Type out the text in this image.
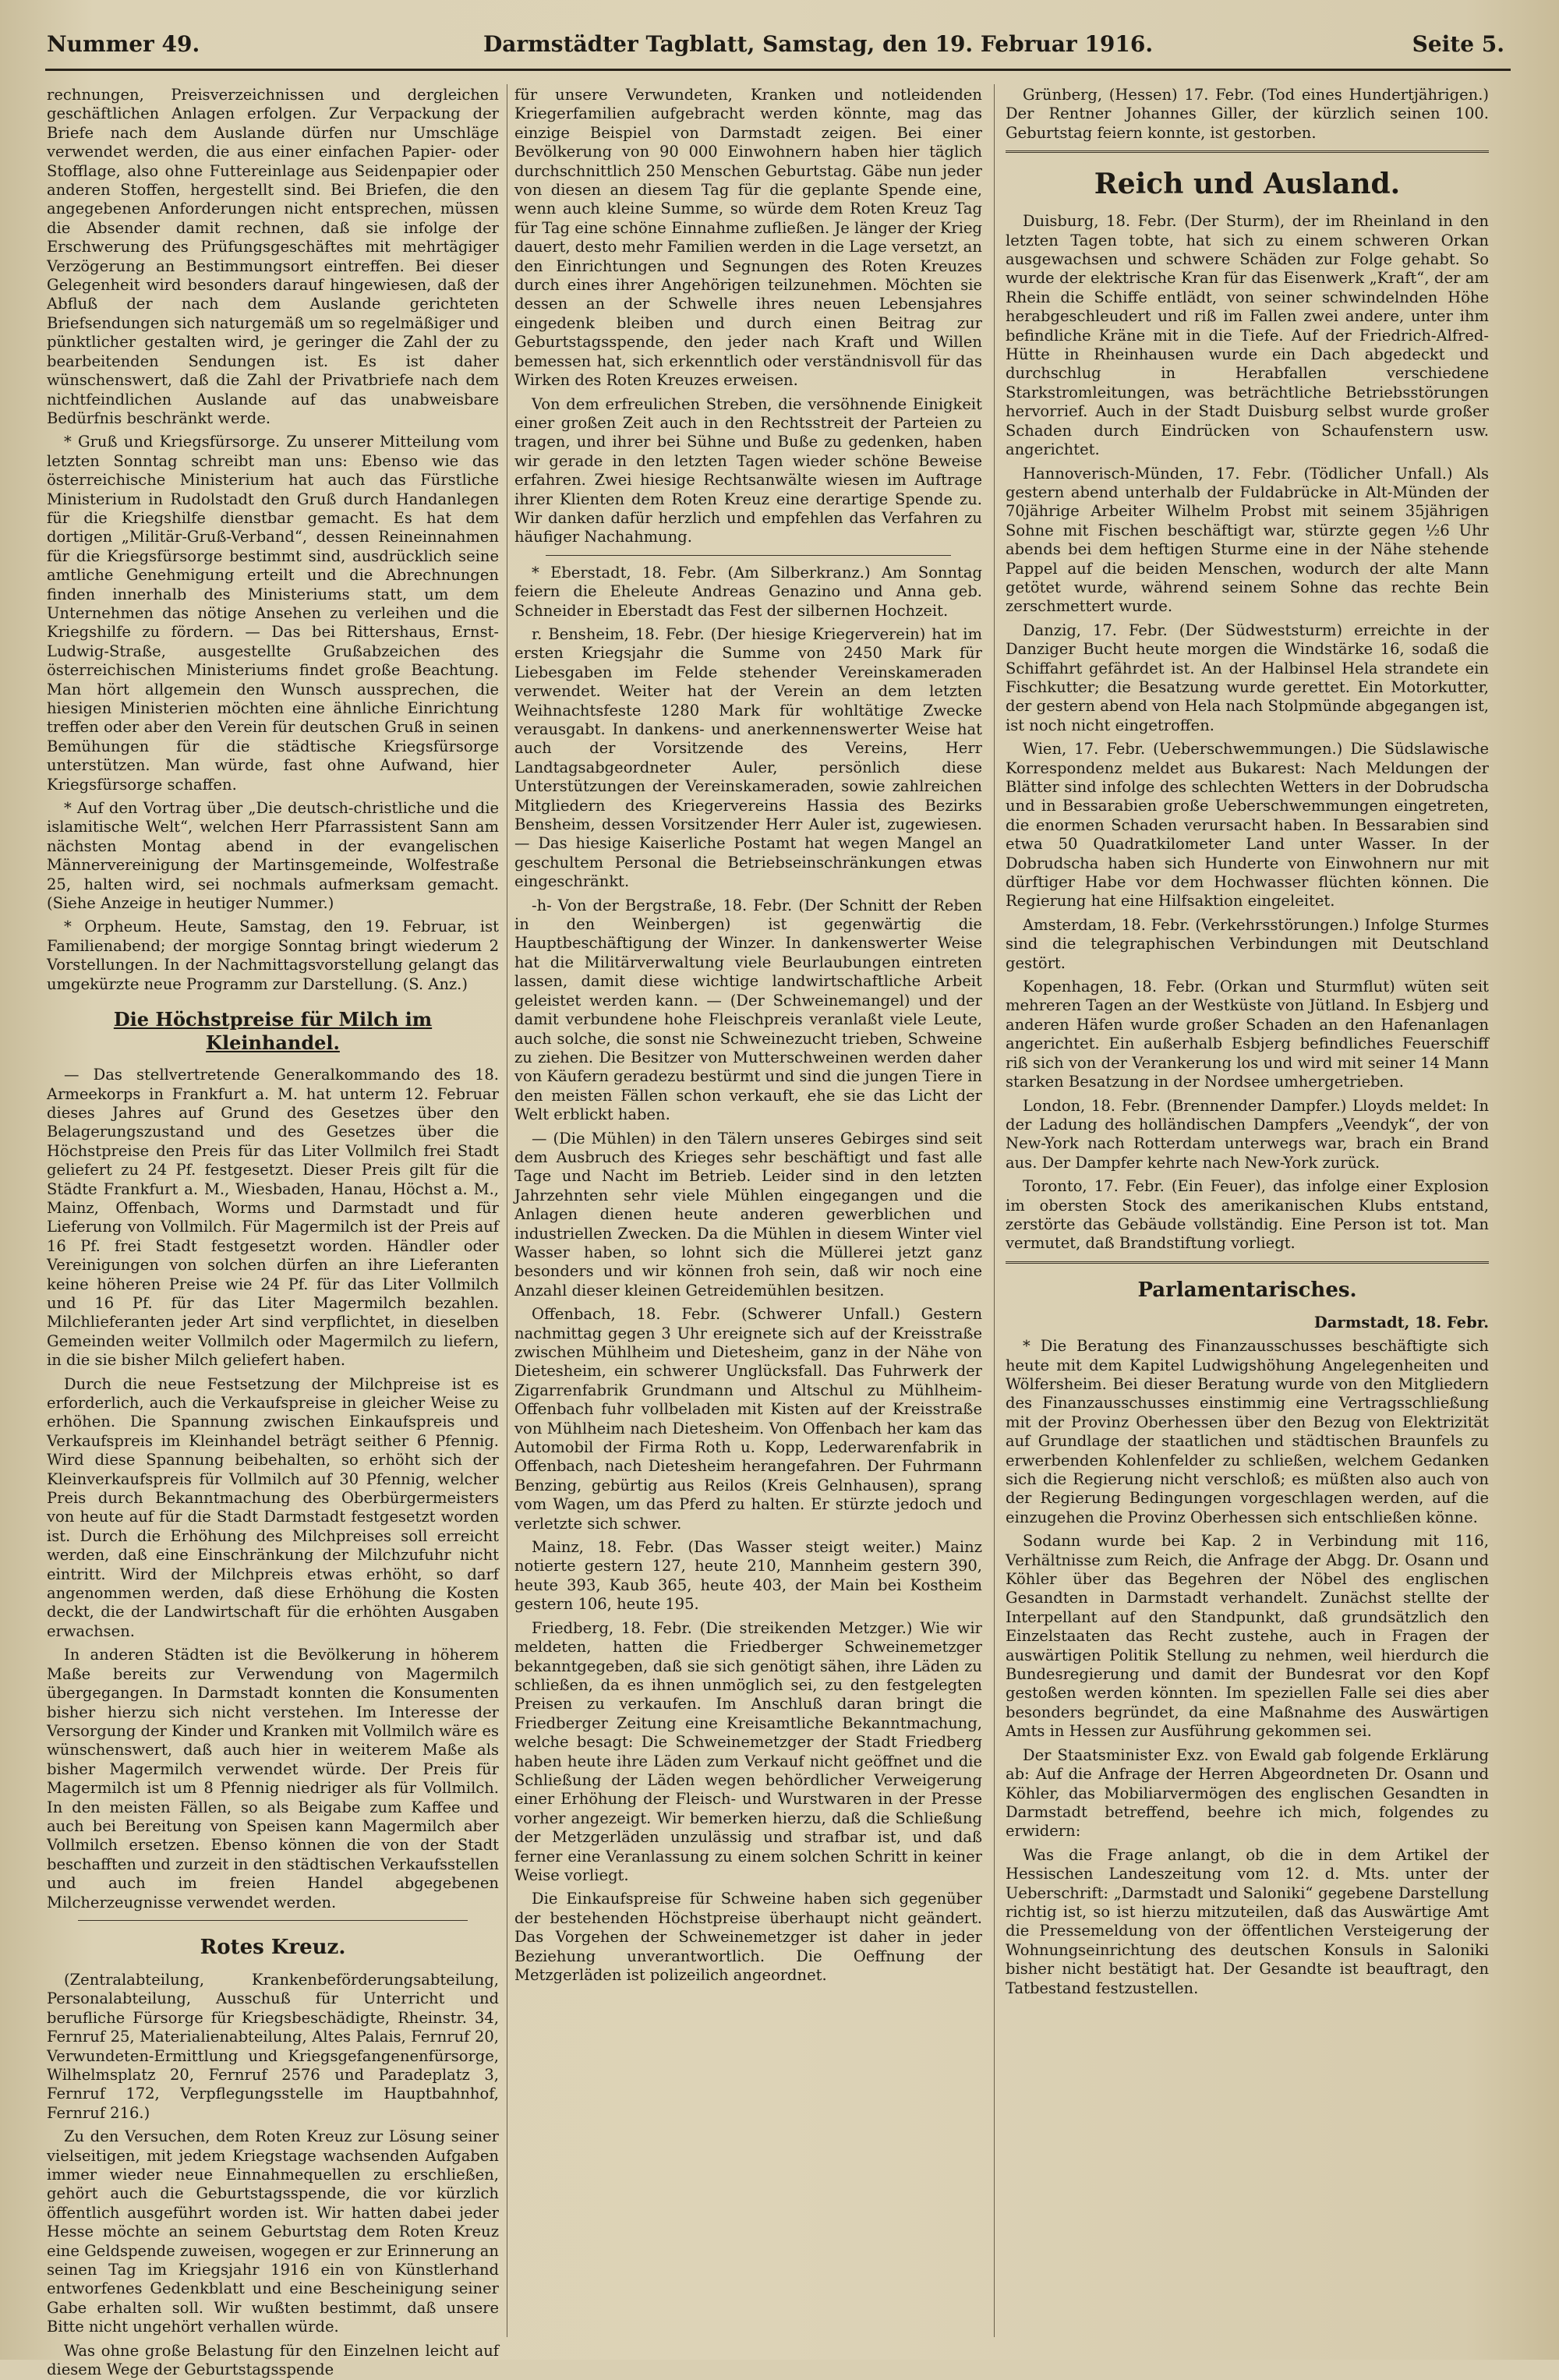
Nummer 49.	Darmstädter Tagblatt, Samstag, den 19. Februar 1916.	Seite 5.

rechnungen, Preisverzeichnissen und dergleichen geschäftlichen Anlagen erfolgen. Zur Verpackung der Briefe nach dem Auslande dürfen nur Umschläge verwendet werden, die aus einer einfachen Papier- oder Stofflage, also ohne Futtereinlage aus Seidenpapier oder anderen Stoffen, hergestellt sind. Bei Briefen, die den angegebenen Anforderungen nicht entsprechen, müssen die Absender damit rechnen, daß sie infolge der Erschwerung des Prüfungsgeschäftes mit mehrtägiger Verzögerung an Bestimmungsort eintreffen. Bei dieser Gelegenheit wird besonders darauf hingewiesen, daß der Abfluß der nach dem Auslande gerichteten Briefsendungen sich naturgemäß um so regelmäßiger und pünktlicher gestalten wird, je geringer die Zahl der zu bearbeitenden Sendungen ist. Es ist daher wünschenswert, daß die Zahl der Privatbriefe nach dem nichtfeindlichen Auslande auf das unabweisbare Bedürfnis beschränkt werde.

* Gruß und Kriegsfürsorge. Zu unserer Mitteilung vom letzten Sonntag schreibt man uns: Ebenso wie das österreichische Ministerium hat auch das Fürstliche Ministerium in Rudolstadt den Gruß durch Handanlegen für die Kriegshilfe dienstbar gemacht. Es hat dem dortigen „Militär-Gruß-Verband“, dessen Reineinnahmen für die Kriegsfürsorge bestimmt sind, ausdrücklich seine amtliche Genehmigung erteilt und die Abrechnungen finden innerhalb des Ministeriums statt, um dem Unternehmen das nötige Ansehen zu verleihen und die Kriegshilfe zu fördern. — Das bei Rittershaus, Ernst-Ludwig-Straße, ausgestellte Grußabzeichen des österreichischen Ministeriums findet große Beachtung. Man hört allgemein den Wunsch aussprechen, die hiesigen Ministerien möchten eine ähnliche Einrichtung treffen oder aber den Verein für deutschen Gruß in seinen Bemühungen für die städtische Kriegsfürsorge unterstützen. Man würde, fast ohne Aufwand, hier Kriegsfürsorge schaffen.

* Auf den Vortrag über „Die deutsch-christliche und die islamitische Welt“, welchen Herr Pfarrassistent Sann am nächsten Montag abend in der evangelischen Männervereinigung der Martinsgemeinde, Wolfestraße 25, halten wird, sei nochmals aufmerksam gemacht. (Siehe Anzeige in heutiger Nummer.)

* Orpheum. Heute, Samstag, den 19. Februar, ist Familienabend; der morgige Sonntag bringt wiederum 2 Vorstellungen. In der Nachmittagsvorstellung gelangt das umgekürzte neue Programm zur Darstellung. (S. Anz.)

Die Höchstpreise für Milch im Kleinhandel.

— Das stellvertretende Generalkommando des 18. Armeekorps in Frankfurt a. M. hat unterm 12. Februar dieses Jahres auf Grund des Gesetzes über den Belagerungszustand und des Gesetzes über die Höchstpreise den Preis für das Liter Vollmilch frei Stadt geliefert zu 24 Pf. festgesetzt. Dieser Preis gilt für die Städte Frankfurt a. M., Wiesbaden, Hanau, Höchst a. M., Mainz, Offenbach, Worms und Darmstadt und für Lieferung von Vollmilch. Für Magermilch ist der Preis auf 16 Pf. frei Stadt festgesetzt worden. Händler oder Vereinigungen von solchen dürfen an ihre Lieferanten keine höheren Preise wie 24 Pf. für das Liter Vollmilch und 16 Pf. für das Liter Magermilch bezahlen. Milchlieferanten jeder Art sind verpflichtet, in dieselben Gemeinden weiter Vollmilch oder Magermilch zu liefern, in die sie bisher Milch geliefert haben.

Durch die neue Festsetzung der Milchpreise ist es erforderlich, auch die Verkaufspreise in gleicher Weise zu erhöhen. Die Spannung zwischen Einkaufspreis und Verkaufspreis im Kleinhandel beträgt seither 6 Pfennig. Wird diese Spannung beibehalten, so erhöht sich der Kleinverkaufspreis für Vollmilch auf 30 Pfennig, welcher Preis durch Bekanntmachung des Oberbürgermeisters von heute auf für die Stadt Darmstadt festgesetzt worden ist. Durch die Erhöhung des Milchpreises soll erreicht werden, daß eine Einschränkung der Milchzufuhr nicht eintritt. Wird der Milchpreis etwas erhöht, so darf angenommen werden, daß diese Erhöhung die Kosten deckt, die der Landwirtschaft für die erhöhten Ausgaben erwachsen.

In anderen Städten ist die Bevölkerung in höherem Maße bereits zur Verwendung von Magermilch übergegangen. In Darmstadt konnten die Konsumenten bisher hierzu sich nicht verstehen. Im Interesse der Versorgung der Kinder und Kranken mit Vollmilch wäre es wünschenswert, daß auch hier in weiterem Maße als bisher Magermilch verwendet würde. Der Preis für Magermilch ist um 8 Pfennig niedriger als für Vollmilch. In den meisten Fällen, so als Beigabe zum Kaffee und auch bei Bereitung von Speisen kann Magermilch aber Vollmilch ersetzen. Ebenso können die von der Stadt beschafften und zurzeit in den städtischen Verkaufsstellen und auch im freien Handel abgegebenen Milcherzeugnisse verwendet werden.

Rotes Kreuz.

(Zentralabteilung, Krankenbeförderungsabteilung, Personalabteilung, Ausschuß für Unterricht und berufliche Fürsorge für Kriegsbeschädigte, Rheinstr. 34, Fernruf 25, Materialienabteilung, Altes Palais, Fernruf 20, Verwundeten-Ermittlung und Kriegsgefangenenfürsorge, Wilhelmsplatz 20, Fernruf 2576 und Paradeplatz 3, Fernruf 172, Verpflegungsstelle im Hauptbahnhof, Fernruf 216.)

Zu den Versuchen, dem Roten Kreuz zur Lösung seiner vielseitigen, mit jedem Kriegstage wachsenden Aufgaben immer wieder neue Einnahmequellen zu erschließen, gehört auch die Geburtstagsspende, die vor kürzlich öffentlich ausgeführt worden ist. Wir hatten dabei jeder Hesse möchte an seinem Geburtstag dem Roten Kreuz eine Geldspende zuweisen, wogegen er zur Erinnerung an seinen Tag im Kriegsjahr 1916 ein von Künstlerhand entworfenes Gedenkblatt und eine Bescheinigung seiner Gabe erhalten soll. Wir wußten bestimmt, daß unsere Bitte nicht ungehört verhallen würde.

Was ohne große Belastung für den Einzelnen leicht auf diesem Wege der Geburtstagsspende

für unsere Verwundeten, Kranken und notleidenden Kriegerfamilien aufgebracht werden könnte, mag das einzige Beispiel von Darmstadt zeigen. Bei einer Bevölkerung von 90 000 Einwohnern haben hier täglich durchschnittlich 250 Menschen Geburtstag. Gäbe nun jeder von diesen an diesem Tag für die geplante Spende eine, wenn auch kleine Summe, so würde dem Roten Kreuz Tag für Tag eine schöne Einnahme zufließen. Je länger der Krieg dauert, desto mehr Familien werden in die Lage versetzt, an den Einrichtungen und Segnungen des Roten Kreuzes durch eines ihrer Angehörigen teilzunehmen. Möchten sie dessen an der Schwelle ihres neuen Lebensjahres eingedenk bleiben und durch einen Beitrag zur Geburtstagsspende, den jeder nach Kraft und Willen bemessen hat, sich erkenntlich oder verständnisvoll für das Wirken des Roten Kreuzes erweisen.

Von dem erfreulichen Streben, die versöhnende Einigkeit einer großen Zeit auch in den Rechtsstreit der Parteien zu tragen, und ihrer bei Sühne und Buße zu gedenken, haben wir gerade in den letzten Tagen wieder schöne Beweise erfahren. Zwei hiesige Rechtsanwälte wiesen im Auftrage ihrer Klienten dem Roten Kreuz eine derartige Spende zu. Wir danken dafür herzlich und empfehlen das Verfahren zu häufiger Nachahmung.

* Eberstadt, 18. Febr. (Am Silberkranz.) Am Sonntag feiern die Eheleute Andreas Genazino und Anna geb. Schneider in Eberstadt das Fest der silbernen Hochzeit.

r. Bensheim, 18. Febr. (Der hiesige Kriegerverein) hat im ersten Kriegsjahr die Summe von 2450 Mark für Liebesgaben im Felde stehender Vereinskameraden verwendet. Weiter hat der Verein an dem letzten Weihnachtsfeste 1280 Mark für wohltätige Zwecke verausgabt. In dankens- und anerkennenswerter Weise hat auch der Vorsitzende des Vereins, Herr Landtagsabgeordneter Auler, persönlich diese Unterstützungen der Vereinskameraden, sowie zahlreichen Mitgliedern des Kriegervereins Hassia des Bezirks Bensheim, dessen Vorsitzender Herr Auler ist, zugewiesen. — Das hiesige Kaiserliche Postamt hat wegen Mangel an geschultem Personal die Betriebseinschränkungen etwas eingeschränkt.

-h- Von der Bergstraße, 18. Febr. (Der Schnitt der Reben in den Weinbergen) ist gegenwärtig die Hauptbeschäftigung der Winzer. In dankenswerter Weise hat die Militärverwaltung viele Beurlaubungen eintreten lassen, damit diese wichtige landwirtschaftliche Arbeit geleistet werden kann. — (Der Schweinemangel) und der damit verbundene hohe Fleischpreis veranlaßt viele Leute, auch solche, die sonst nie Schweinezucht trieben, Schweine zu ziehen. Die Besitzer von Mutterschweinen werden daher von Käufern geradezu bestürmt und sind die jungen Tiere in den meisten Fällen schon verkauft, ehe sie das Licht der Welt erblickt haben.

— (Die Mühlen) in den Tälern unseres Gebirges sind seit dem Ausbruch des Krieges sehr beschäftigt und fast alle Tage und Nacht im Betrieb. Leider sind in den letzten Jahrzehnten sehr viele Mühlen eingegangen und die Anlagen dienen heute anderen gewerblichen und industriellen Zwecken. Da die Mühlen in diesem Winter viel Wasser haben, so lohnt sich die Müllerei jetzt ganz besonders und wir können froh sein, daß wir noch eine Anzahl dieser kleinen Getreidemühlen besitzen.

Offenbach, 18. Febr. (Schwerer Unfall.) Gestern nachmittag gegen 3 Uhr ereignete sich auf der Kreisstraße zwischen Mühlheim und Dietesheim, ganz in der Nähe von Dietesheim, ein schwerer Unglücksfall. Das Fuhrwerk der Zigarrenfabrik Grundmann und Altschul zu Mühlheim-Offenbach fuhr vollbeladen mit Kisten auf der Kreisstraße von Mühlheim nach Dietesheim. Von Offenbach her kam das Automobil der Firma Roth u. Kopp, Lederwarenfabrik in Offenbach, nach Dietesheim herangefahren. Der Fuhrmann Benzing, gebürtig aus Reilos (Kreis Gelnhausen), sprang vom Wagen, um das Pferd zu halten. Er stürzte jedoch und verletzte sich schwer.

Mainz, 18. Febr. (Das Wasser steigt weiter.) Mainz notierte gestern 127, heute 210, Mannheim gestern 390, heute 393, Kaub 365, heute 403, der Main bei Kostheim gestern 106, heute 195.

Friedberg, 18. Febr. (Die streikenden Metzger.) Wie wir meldeten, hatten die Friedberger Schweinemetzger bekanntgegeben, daß sie sich genötigt sähen, ihre Läden zu schließen, da es ihnen unmöglich sei, zu den festgelegten Preisen zu verkaufen. Im Anschluß daran bringt die Friedberger Zeitung eine Kreisamtliche Bekanntmachung, welche besagt: Die Schweinemetzger der Stadt Friedberg haben heute ihre Läden zum Verkauf nicht geöffnet und die Schließung der Läden wegen behördlicher Verweigerung einer Erhöhung der Fleisch- und Wurstwaren in der Presse vorher angezeigt. Wir bemerken hierzu, daß die Schließung der Metzgerläden unzulässig und strafbar ist, und daß ferner eine Veranlassung zu einem solchen Schritt in keiner Weise vorliegt.

Die Einkaufspreise für Schweine haben sich gegenüber der bestehenden Höchstpreise überhaupt nicht geändert. Das Vorgehen der Schweinemetzger ist daher in jeder Beziehung unverantwortlich. Die Oeffnung der Metzgerläden ist polizeilich angeordnet.

Grünberg, (Hessen) 17. Febr. (Tod eines Hundertjährigen.) Der Rentner Johannes Giller, der kürzlich seinen 100. Geburtstag feiern konnte, ist gestorben.

Reich und Ausland.

Duisburg, 18. Febr. (Der Sturm), der im Rheinland in den letzten Tagen tobte, hat sich zu einem schweren Orkan ausgewachsen und schwere Schäden zur Folge gehabt. So wurde der elektrische Kran für das Eisenwerk „Kraft“, der am Rhein die Schiffe entlädt, von seiner schwindelnden Höhe herabgeschleudert und riß im Fallen zwei andere, unter ihm befindliche Kräne mit in die Tiefe. Auf der Friedrich-Alfred-Hütte in Rheinhausen wurde ein Dach abgedeckt und durchschlug in Herabfallen verschiedene Starkstromleitungen, was beträchtliche Betriebsstörungen hervorrief. Auch in der Stadt Duisburg selbst wurde großer Schaden durch Eindrücken von Schaufenstern usw. angerichtet.

Hannoverisch-Münden, 17. Febr. (Tödlicher Unfall.) Als gestern abend unterhalb der Fuldabrücke in Alt-Münden der 70jährige Arbeiter Wilhelm Probst mit seinem 35jährigen Sohne mit Fischen beschäftigt war, stürzte gegen ½6 Uhr abends bei dem heftigen Sturme eine in der Nähe stehende Pappel auf die beiden Menschen, wodurch der alte Mann getötet wurde, während seinem Sohne das rechte Bein zerschmettert wurde.

Danzig, 17. Febr. (Der Südweststurm) erreichte in der Danziger Bucht heute morgen die Windstärke 16, sodaß die Schiffahrt gefährdet ist. An der Halbinsel Hela strandete ein Fischkutter; die Besatzung wurde gerettet. Ein Motorkutter, der gestern abend von Hela nach Stolpmünde abgegangen ist, ist noch nicht eingetroffen.

Wien, 17. Febr. (Ueberschwemmungen.) Die Südslawische Korrespondenz meldet aus Bukarest: Nach Meldungen der Blätter sind infolge des schlechten Wetters in der Dobrudscha und in Bessarabien große Ueberschwemmungen eingetreten, die enormen Schaden verursacht haben. In Bessarabien sind etwa 50 Quadratkilometer Land unter Wasser. In der Dobrudscha haben sich Hunderte von Einwohnern nur mit dürftiger Habe vor dem Hochwasser flüchten können. Die Regierung hat eine Hilfsaktion eingeleitet.

Amsterdam, 18. Febr. (Verkehrsstörungen.) Infolge Sturmes sind die telegraphischen Verbindungen mit Deutschland gestört.

Kopenhagen, 18. Febr. (Orkan und Sturmflut) wüten seit mehreren Tagen an der Westküste von Jütland. In Esbjerg und anderen Häfen wurde großer Schaden an den Hafenanlagen angerichtet. Ein außerhalb Esbjerg befindliches Feuerschiff riß sich von der Verankerung los und wird mit seiner 14 Mann starken Besatzung in der Nordsee umhergetrieben.

London, 18. Febr. (Brennender Dampfer.) Lloyds meldet: In der Ladung des holländischen Dampfers „Veendyk“, der von New-York nach Rotterdam unterwegs war, brach ein Brand aus. Der Dampfer kehrte nach New-York zurück.

Toronto, 17. Febr. (Ein Feuer), das infolge einer Explosion im obersten Stock des amerikanischen Klubs entstand, zerstörte das Gebäude vollständig. Eine Person ist tot. Man vermutet, daß Brandstiftung vorliegt.

Parlamentarisches.

Darmstadt, 18. Febr.

* Die Beratung des Finanzausschusses beschäftigte sich heute mit dem Kapitel Ludwigshöhung Angelegenheiten und Wölfersheim. Bei dieser Beratung wurde von den Mitgliedern des Finanzausschusses einstimmig eine Vertragsschließung mit der Provinz Oberhessen über den Bezug von Elektrizität auf Grundlage der staatlichen und städtischen Braunfels zu erwerbenden Kohlenfelder zu schließen, welchem Gedanken sich die Regierung nicht verschloß; es müßten also auch von der Regierung Bedingungen vorgeschlagen werden, auf die einzugehen die Provinz Oberhessen sich entschließen könne.

Sodann wurde bei Kap. 2 in Verbindung mit 116, Verhältnisse zum Reich, die Anfrage der Abgg. Dr. Osann und Köhler über das Begehren der Nöbel des englischen Gesandten in Darmstadt verhandelt. Zunächst stellte der Interpellant auf den Standpunkt, daß grundsätzlich den Einzelstaaten das Recht zustehe, auch in Fragen der auswärtigen Politik Stellung zu nehmen, weil hierdurch die Bundesregierung und damit der Bundesrat vor den Kopf gestoßen werden könnten. Im speziellen Falle sei dies aber besonders begründet, da eine Maßnahme des Auswärtigen Amts in Hessen zur Ausführung gekommen sei.

Der Staatsminister Exz. von Ewald gab folgende Erklärung ab: Auf die Anfrage der Herren Abgeordneten Dr. Osann und Köhler, das Mobiliarvermögen des englischen Gesandten in Darmstadt betreffend, beehre ich mich, folgendes zu erwidern:

Was die Frage anlangt, ob die in dem Artikel der Hessischen Landeszeitung vom 12. d. Mts. unter der Ueberschrift: „Darmstadt und Saloniki“ gegebene Darstellung richtig ist, so ist hierzu mitzuteilen, daß das Auswärtige Amt die Pressemeldung von der öffentlichen Versteigerung der Wohnungseinrichtung des deutschen Konsuls in Saloniki bisher nicht bestätigt hat. Der Gesandte ist beauftragt, den Tatbestand festzustellen.
